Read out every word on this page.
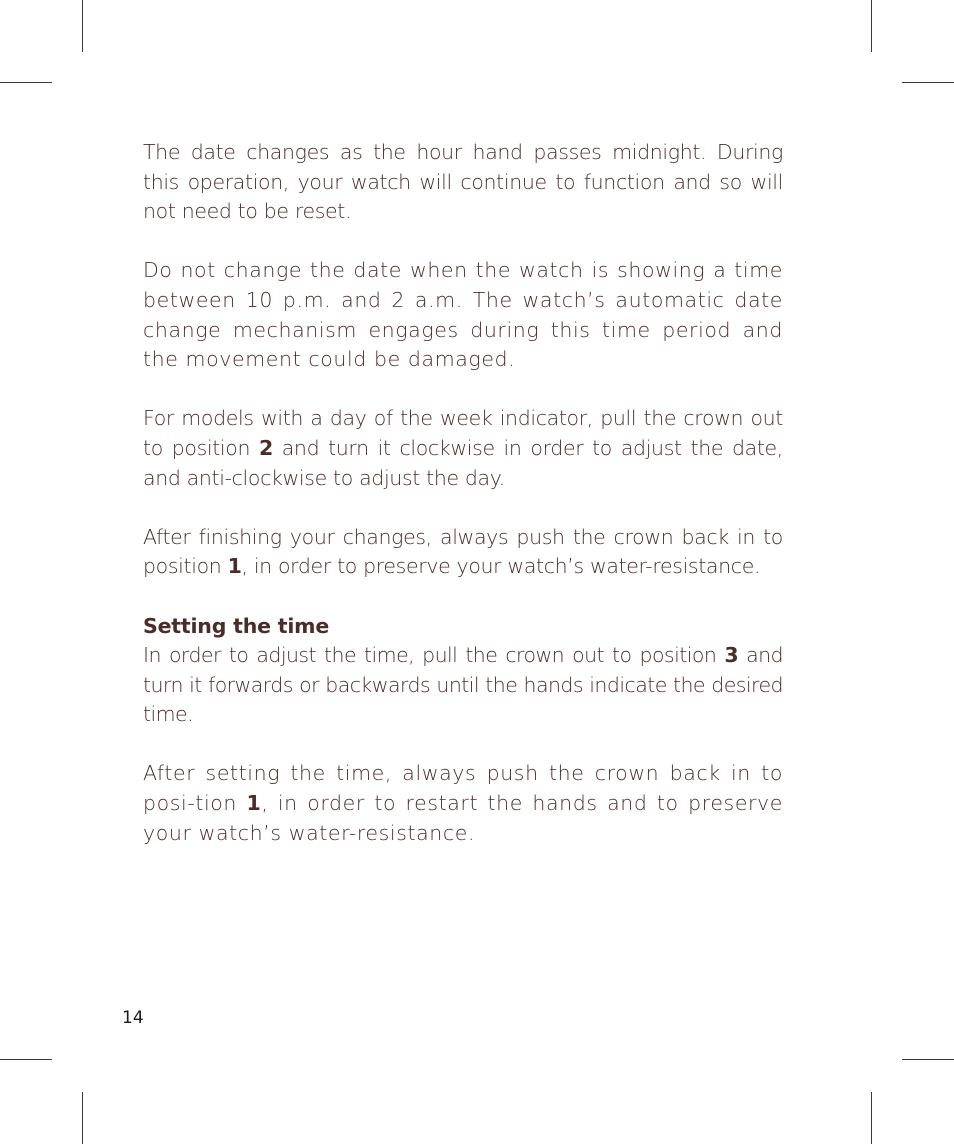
The date changes as the hour hand passes midnight. During this operation, your watch will continue to function and so will not need to be reset.

Do not change the date when the watch is showing a time between 10 p.m. and 2 a.m. The watch’s automatic date change mechanism engages during this time period and the movement could be damaged.

For models with a day of the week indicator, pull the crown out to position 2 and turn it clockwise in order to adjust the date, and anti-clockwise to adjust the day.

After finishing your changes, always push the crown back in to position 1, in order to preserve your watch’s water-resistance.

Setting the time

In order to adjust the time, pull the crown out to position 3 and turn it forwards or backwards until the hands indicate the desired time.

After setting the time, always push the crown back in to posi-tion 1, in order to restart the hands and to preserve your watch’s water-resistance.

14
